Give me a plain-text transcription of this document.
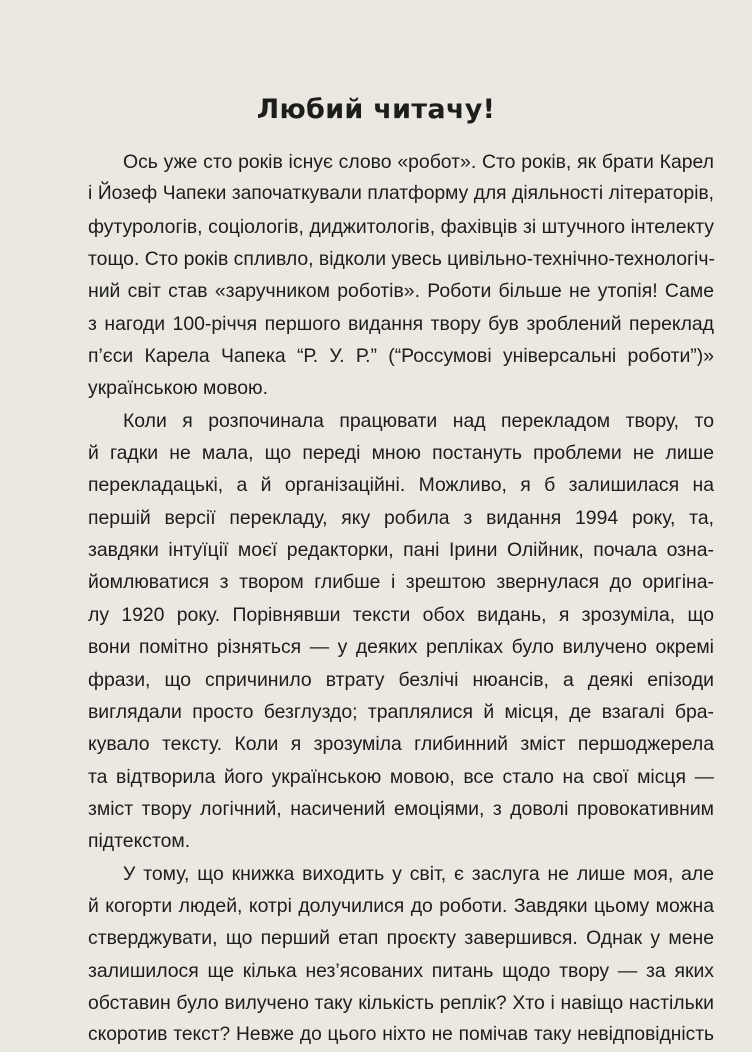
Любий читачу!
Ось уже сто років існує слово «робот». Сто років, як брати Карел
і Йозеф Чапеки започаткували платформу для діяльності літераторів,
футурологів, соціологів, диджитологів, фахівців зі штучного інтелекту
тощо. Сто років спливло, відколи увесь цивільно-технічно-технологіч-
ний світ став «заручником роботів». Роботи більше не утопія! Саме
з нагоди 100-річчя першого видання твору був зроблений переклад
п’єси Карела Чапека “Р. У. Р.” (“Россумові універсальні роботи”)»
українською мовою.
Коли я розпочинала працювати над перекладом твору, то
й гадки не мала, що переді мною постануть проблеми не лише
перекладацькі, а й організаційні. Можливо, я б залишилася на
першій версії перекладу, яку робила з видання 1994 року, та,
завдяки інтуїції моєї редакторки, пані Ірини Олійник, почала озна-
йомлюватися з твором глибше і зрештою звернулася до оригіна-
лу 1920 року. Порівнявши тексти обох видань, я зрозуміла, що
вони помітно різняться — у деяких репліках було вилучено окремі
фрази, що спричинило втрату безлічі нюансів, а деякі епізоди
виглядали просто безглуздо; траплялися й місця, де взагалі бра-
кувало тексту. Коли я зрозуміла глибинний зміст першоджерела
та відтворила його українською мовою, все стало на свої місця —
зміст твору логічний, насичений емоціями, з доволі провокативним
підтекстом.
У тому, що книжка виходить у світ, є заслуга не лише моя, але
й когорти людей, котрі долучилися до роботи. Завдяки цьому можна
стверджувати, що перший етап проєкту завершився. Однак у мене
залишилося ще кілька нез’ясованих питань щодо твору — за яких
обставин було вилучено таку кількість реплік? Хто і навіщо настільки
скоротив текст? Невже до цього ніхто не помічав таку невідповідність
